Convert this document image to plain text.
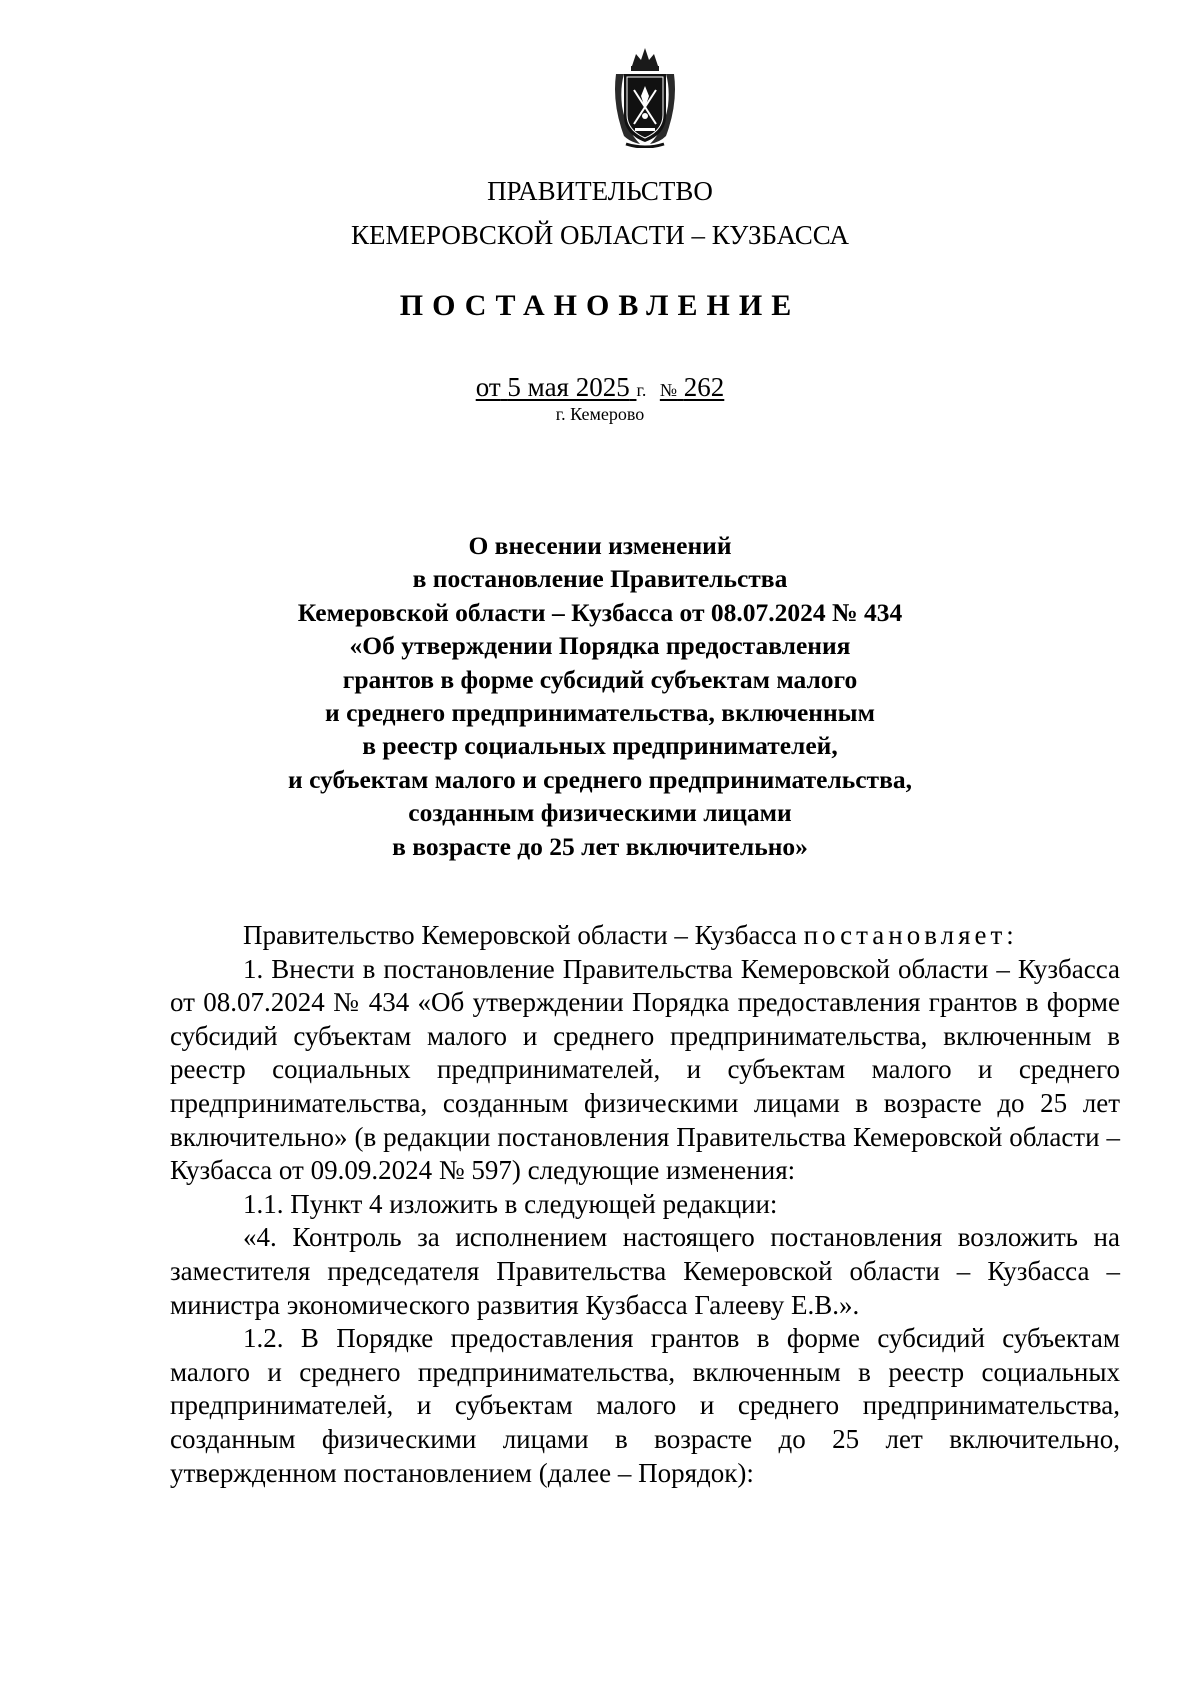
ПРАВИТЕЛЬСТВО
КЕМЕРОВСКОЙ ОБЛАСТИ – КУЗБАССА
ПОСТАНОВЛЕНИЕ
от 5 мая 2025 г. № 262
г. Кемерово
О внесении изменений
в постановление Правительства
Кемеровской области – Кузбасса от 08.07.2024 № 434
«Об утверждении Порядка предоставления
грантов в форме субсидий субъектам малого
и среднего предпринимательства, включенным
в реестр социальных предпринимателей,
и субъектам малого и среднего предпринимательства,
созданным физическими лицами
в возрасте до 25 лет включительно»

Правительство Кемеровской области – Кузбасса постановляет:

1. Внести в постановление Правительства Кемеровской области – Кузбасса от 08.07.2024 № 434 «Об утверждении Порядка предоставления грантов в форме субсидий субъектам малого и среднего предпринимательства, включенным в реестр социальных предпринимателей, и субъектам малого и среднего предпринимательства, созданным физическими лицами в возрасте до 25 лет включительно» (в редакции постановления Правительства Кемеровской области – Кузбасса от 09.09.2024 № 597) следующие изменения:

1.1. Пункт 4 изложить в следующей редакции:

«4. Контроль за исполнением настоящего постановления возложить на заместителя председателя Правительства Кемеровской области – Кузбасса – министра экономического развития Кузбасса Галееву Е.В.».

1.2. В Порядке предоставления грантов в форме субсидий субъектам малого и среднего предпринимательства, включенным в реестр социальных предпринимателей, и субъектам малого и среднего предпринимательства, созданным физическими лицами в возрасте до 25 лет включительно, утвержденном постановлением (далее – Порядок):
